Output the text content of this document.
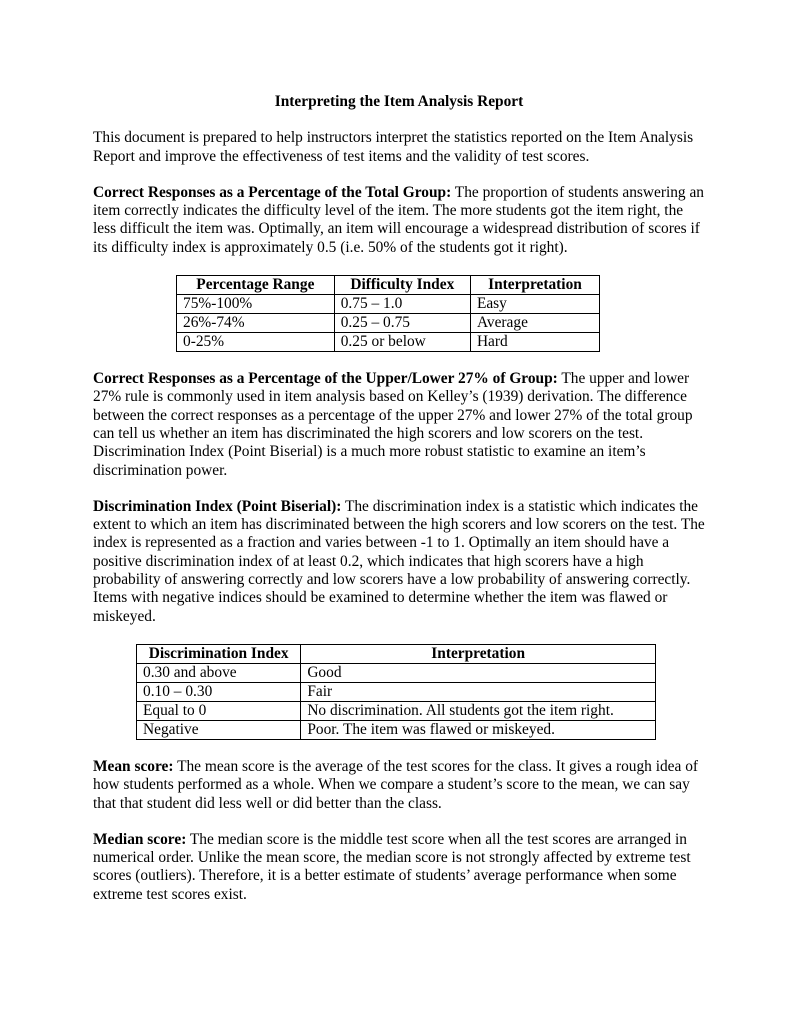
Interpreting the Item Analysis Report

This document is prepared to help instructors interpret the statistics reported on the Item Analysis Report and improve the effectiveness of test items and the validity of test scores.

Correct Responses as a Percentage of the Total Group: The proportion of students answering an item correctly indicates the difficulty level of the item. The more students got the item right, the less difficult the item was. Optimally, an item will encourage a widespread distribution of scores if its difficulty index is approximately 0.5 (i.e. 50% of the students got it right).

Percentage Range	Difficulty Index	Interpretation
75%-100%	0.75 – 1.0	Easy
26%-74%	0.25 – 0.75	Average
0-25%	0.25 or below	Hard

Correct Responses as a Percentage of the Upper/Lower 27% of Group: The upper and lower 27% rule is commonly used in item analysis based on Kelley’s (1939) derivation. The difference between the correct responses as a percentage of the upper 27% and lower 27% of the total group can tell us whether an item has discriminated the high scorers and low scorers on the test. Discrimination Index (Point Biserial) is a much more robust statistic to examine an item’s discrimination power.

Discrimination Index (Point Biserial): The discrimination index is a statistic which indicates the extent to which an item has discriminated between the high scorers and low scorers on the test. The index is represented as a fraction and varies between -1 to 1. Optimally an item should have a positive discrimination index of at least 0.2, which indicates that high scorers have a high probability of answering correctly and low scorers have a low probability of answering correctly. Items with negative indices should be examined to determine whether the item was flawed or miskeyed.

Discrimination Index	Interpretation
0.30 and above	Good
0.10 – 0.30	Fair
Equal to 0	No discrimination. All students got the item right.
Negative	Poor. The item was flawed or miskeyed.

Mean score: The mean score is the average of the test scores for the class. It gives a rough idea of how students performed as a whole. When we compare a student’s score to the mean, we can say that that student did less well or did better than the class.

Median score: The median score is the middle test score when all the test scores are arranged in numerical order. Unlike the mean score, the median score is not strongly affected by extreme test scores (outliers). Therefore, it is a better estimate of students’ average performance when some extreme test scores exist.
